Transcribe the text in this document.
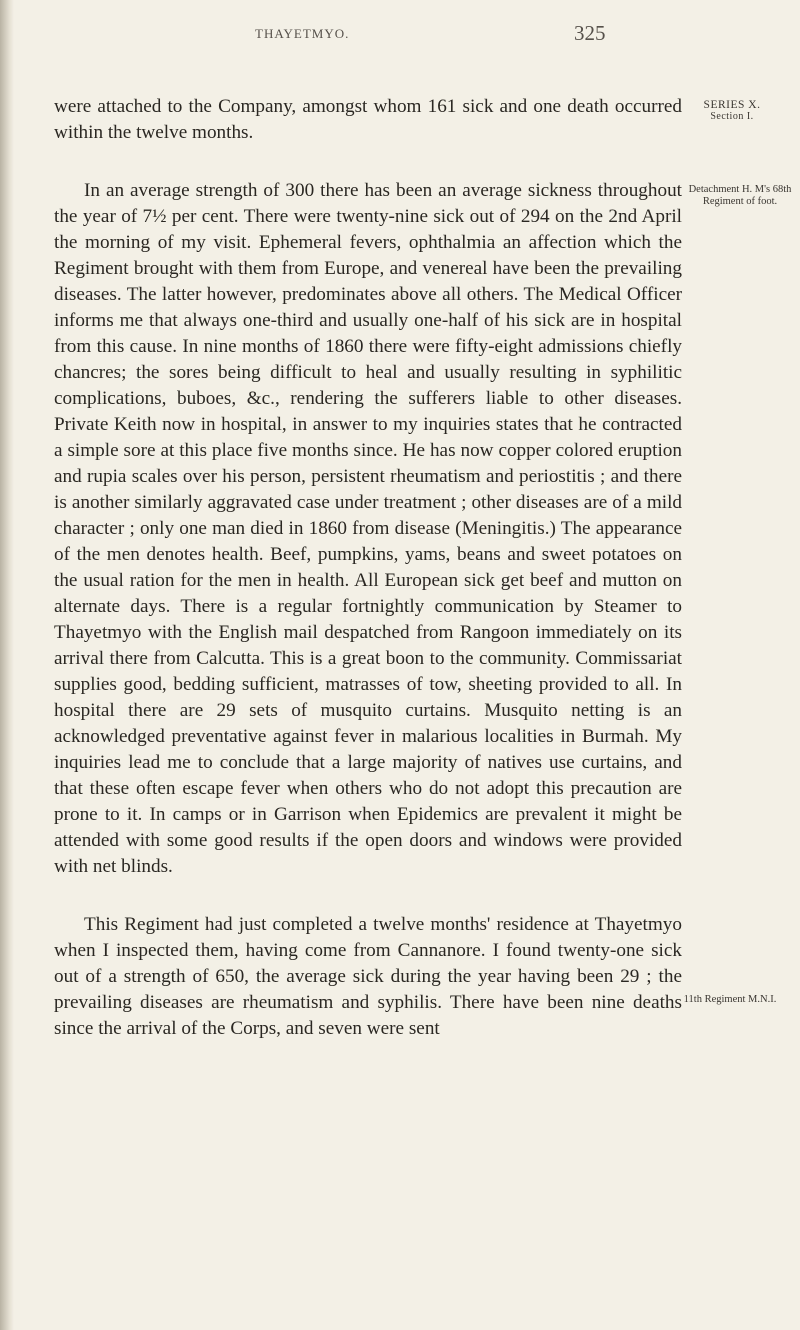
THAYETMYO.	325
SERIES X.
Section I.
Detachment H. M's 68th Regiment of foot.
11th Regiment M.N.I.

were attached to the Company, amongst whom 161 sick and one death occurred within the twelve months.

In an average strength of 300 there has been an average sickness throughout the year of 7½ per cent. There were twenty-nine sick out of 294 on the 2nd April the morning of my visit. Ephemeral fevers, ophthalmia an affection which the Regiment brought with them from Europe, and venereal have been the prevailing diseases. The latter however, predominates above all others. The Medical Officer informs me that always one-third and usually one-half of his sick are in hospital from this cause. In nine months of 1860 there were fifty-eight admissions chiefly chancres; the sores being difficult to heal and usually resulting in syphilitic complications, buboes, &c., rendering the sufferers liable to other diseases. Private Keith now in hospital, in answer to my inquiries states that he contracted a simple sore at this place five months since. He has now copper colored eruption and rupia scales over his person, persistent rheumatism and periostitis ; and there is another similarly aggravated case under treatment ; other diseases are of a mild character ; only one man died in 1860 from disease (Meningitis.) The appearance of the men denotes health. Beef, pumpkins, yams, beans and sweet potatoes on the usual ration for the men in health. All European sick get beef and mutton on alternate days. There is a regular fortnightly communication by Steamer to Thayetmyo with the English mail despatched from Rangoon immediately on its arrival there from Calcutta. This is a great boon to the community. Commissariat supplies good, bedding sufficient, matrasses of tow, sheeting provided to all. In hospital there are 29 sets of musquito curtains. Musquito netting is an acknowledged preventative against fever in malarious localities in Burmah. My inquiries lead me to conclude that a large majority of natives use curtains, and that these often escape fever when others who do not adopt this precaution are prone to it. In camps or in Garrison when Epidemics are prevalent it might be attended with some good results if the open doors and windows were provided with net blinds.

This Regiment had just completed a twelve months' residence at Thayetmyo when I inspected them, having come from Cannanore. I found twenty-one sick out of a strength of 650, the average sick during the year having been 29 ; the prevailing diseases are rheumatism and syphilis. There have been nine deaths since the arrival of the Corps, and seven were sent
